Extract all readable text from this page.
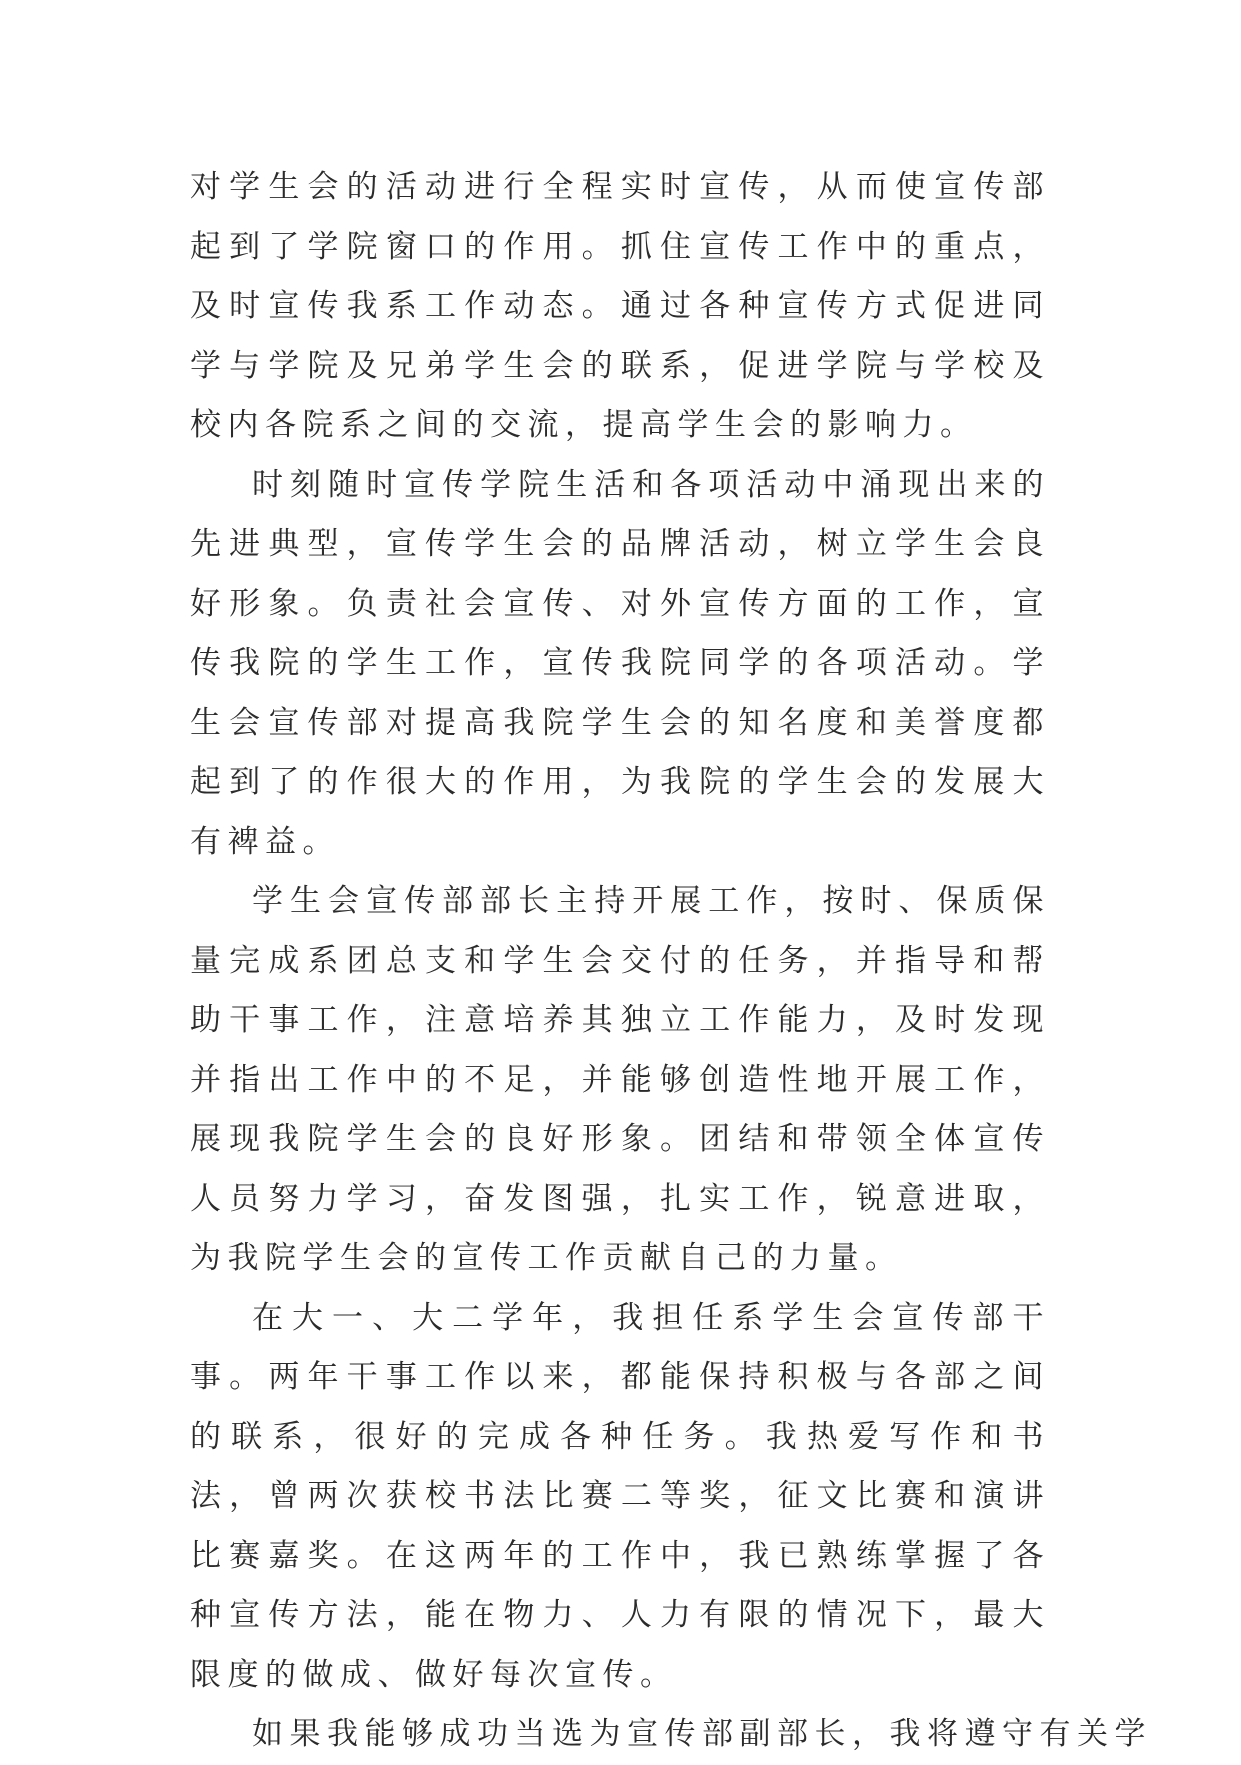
对学生会的活动进行全程实时宣传，从而使宣传部起到了学院窗口的作用。抓住宣传工作中的重点，及时宣传我系工作动态。通过各种宣传方式促进同学与学院及兄弟学生会的联系，促进学院与学校及校内各院系之间的交流，提高学生会的影响力。

时刻随时宣传学院生活和各项活动中涌现出来的先进典型，宣传学生会的品牌活动，树立学生会良好形象。负责社会宣传、对外宣传方面的工作，宣传我院的学生工作，宣传我院同学的各项活动。学生会宣传部对提高我院学生会的知名度和美誉度都起到了的作很大的作用，为我院的学生会的发展大有裨益。

学生会宣传部部长主持开展工作，按时、保质保量完成系团总支和学生会交付的任务，并指导和帮助干事工作，注意培养其独立工作能力，及时发现并指出工作中的不足，并能够创造性地开展工作，展现我院学生会的良好形象。团结和带领全体宣传人员努力学习，奋发图强，扎实工作，锐意进取，为我院学生会的宣传工作贡献自己的力量。

在大一、大二学年，我担任系学生会宣传部干事。两年干事工作以来，都能保持积极与各部之间的联系，很好的完成各种任务。我热爱写作和书法，曾两次获校书法比赛二等奖，征文比赛和演讲比赛嘉奖。在这两年的工作中，我已熟练掌握了各种宣传方法，能在物力、人力有限的情况下，最大限度的做成、做好每次宣传。

如果我能够成功当选为宣传部副部长，我将遵守有关学
